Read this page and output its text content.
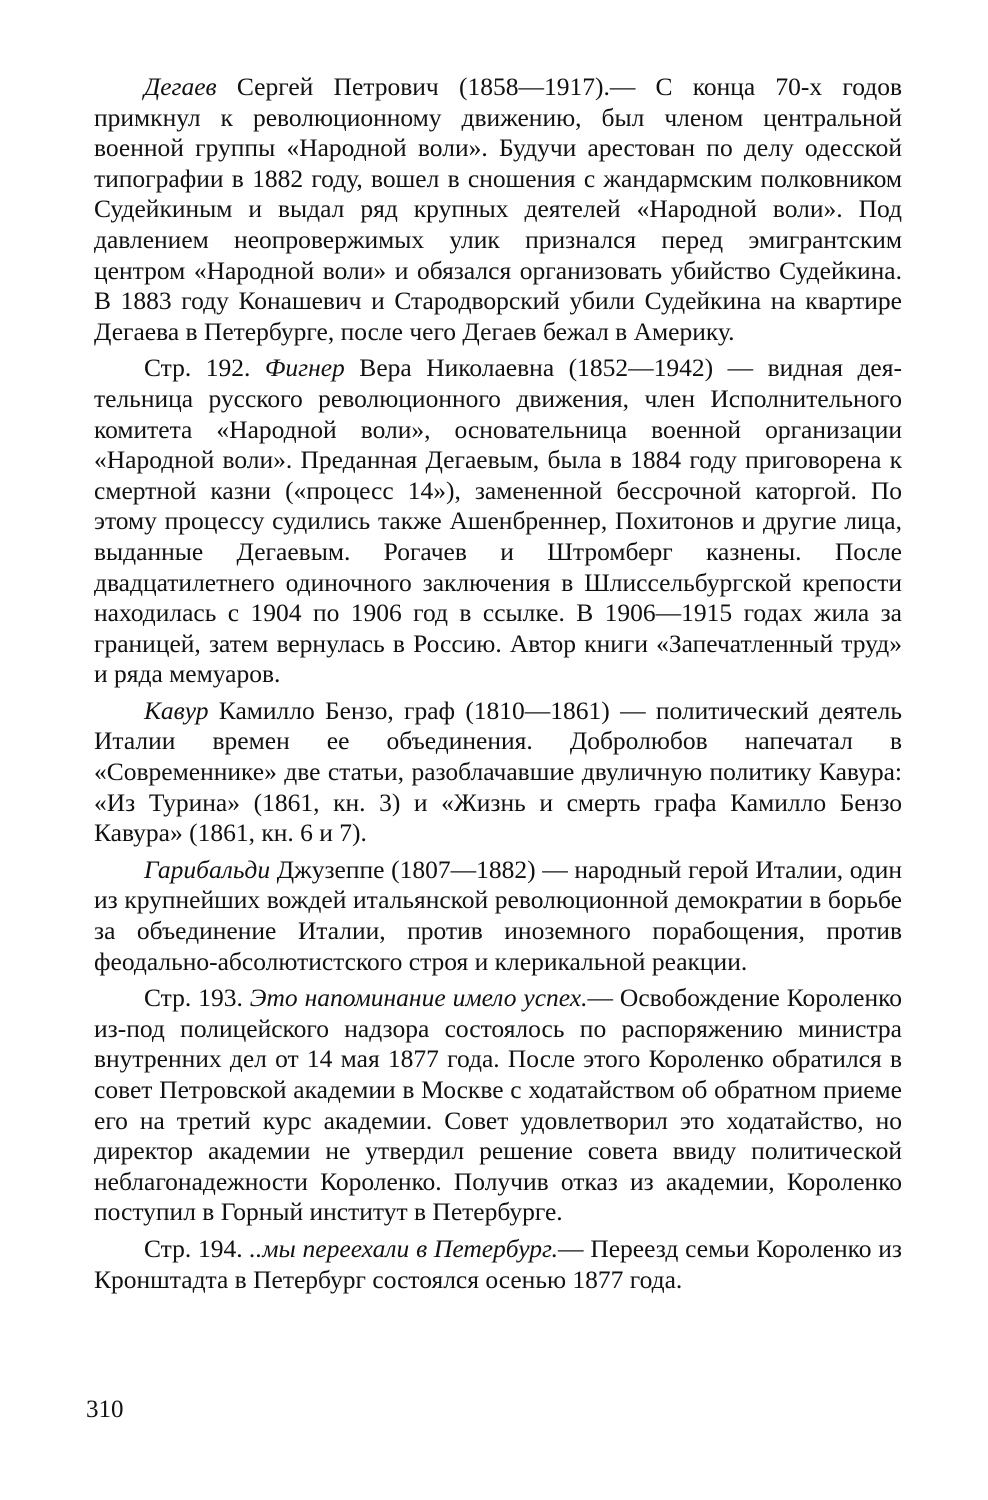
Дегаев Сергей Петрович (1858—1917).— С конца 70-х годов примкнул к революционному движению, был членом центральной военной группы «Народной воли». Будучи арестован по делу одесской типографии в 1882 году, вошел в сношения с жандармским полковником Судейкиным и выдал ряд крупных деятелей «Народной воли». Под давлением неопровержимых улик признался перед эмигрантским центром «Народной воли» и обязался организовать убийство Судейкина. В 1883 году Конашевич и Стародворский убили Судейкина на квартире Дегаева в Петербурге, после чего Дегаев бежал в Америку.

Стр. 192. Фигнер Вера Николаевна (1852—1942) — видная деятельница русского революционного движения, член Исполнительного комитета «Народной воли», основательница военной организации «Народной воли». Преданная Дегаевым, была в 1884 году приговорена к смертной казни («процесс 14»), замененной бессрочной каторгой. По этому процессу судились также Ашенбреннер, Похитонов и другие лица, выданные Дегаевым. Рогачев и Штромберг казнены. После двадцатилетнего одиночного заключения в Шлиссельбургской крепости находилась с 1904 по 1906 год в ссылке. В 1906—1915 годах жила за границей, затем вернулась в Россию. Автор книги «Запечатленный труд» и ряда мемуаров.

Кавур Камилло Бензо, граф (1810—1861) — политический деятель Италии времен ее объединения. Добролюбов напечатал в «Современнике» две статьи, разоблачавшие двуличную политику Кавура: «Из Турина» (1861, кн. 3) и «Жизнь и смерть графа Камилло Бензо Кавура» (1861, кн. 6 и 7).

Гарибальди Джузеппе (1807—1882) — народный герой Италии, один из крупнейших вождей итальянской революционной демократии в борьбе за объединение Италии, против иноземного порабощения, против феодально-абсолютистского строя и клерикальной реакции.

Стр. 193. Это напоминание имело успех.— Освобождение Короленко из-под полицейского надзора состоялось по распоряжению министра внутренних дел от 14 мая 1877 года. После этого Короленко обратился в совет Петровской академии в Москве с ходатайством об обратном приеме его на третий курс академии. Совет удовлетворил это ходатайство, но директор академии не утвердил решение совета ввиду политической неблагонадежности Короленко. Получив отказ из академии, Короленко поступил в Горный институт в Петербурге.

Стр. 194. ..мы переехали в Петербург.— Переезд семьи Короленко из Кронштадта в Петербург состоялся осенью 1877 года.

310
